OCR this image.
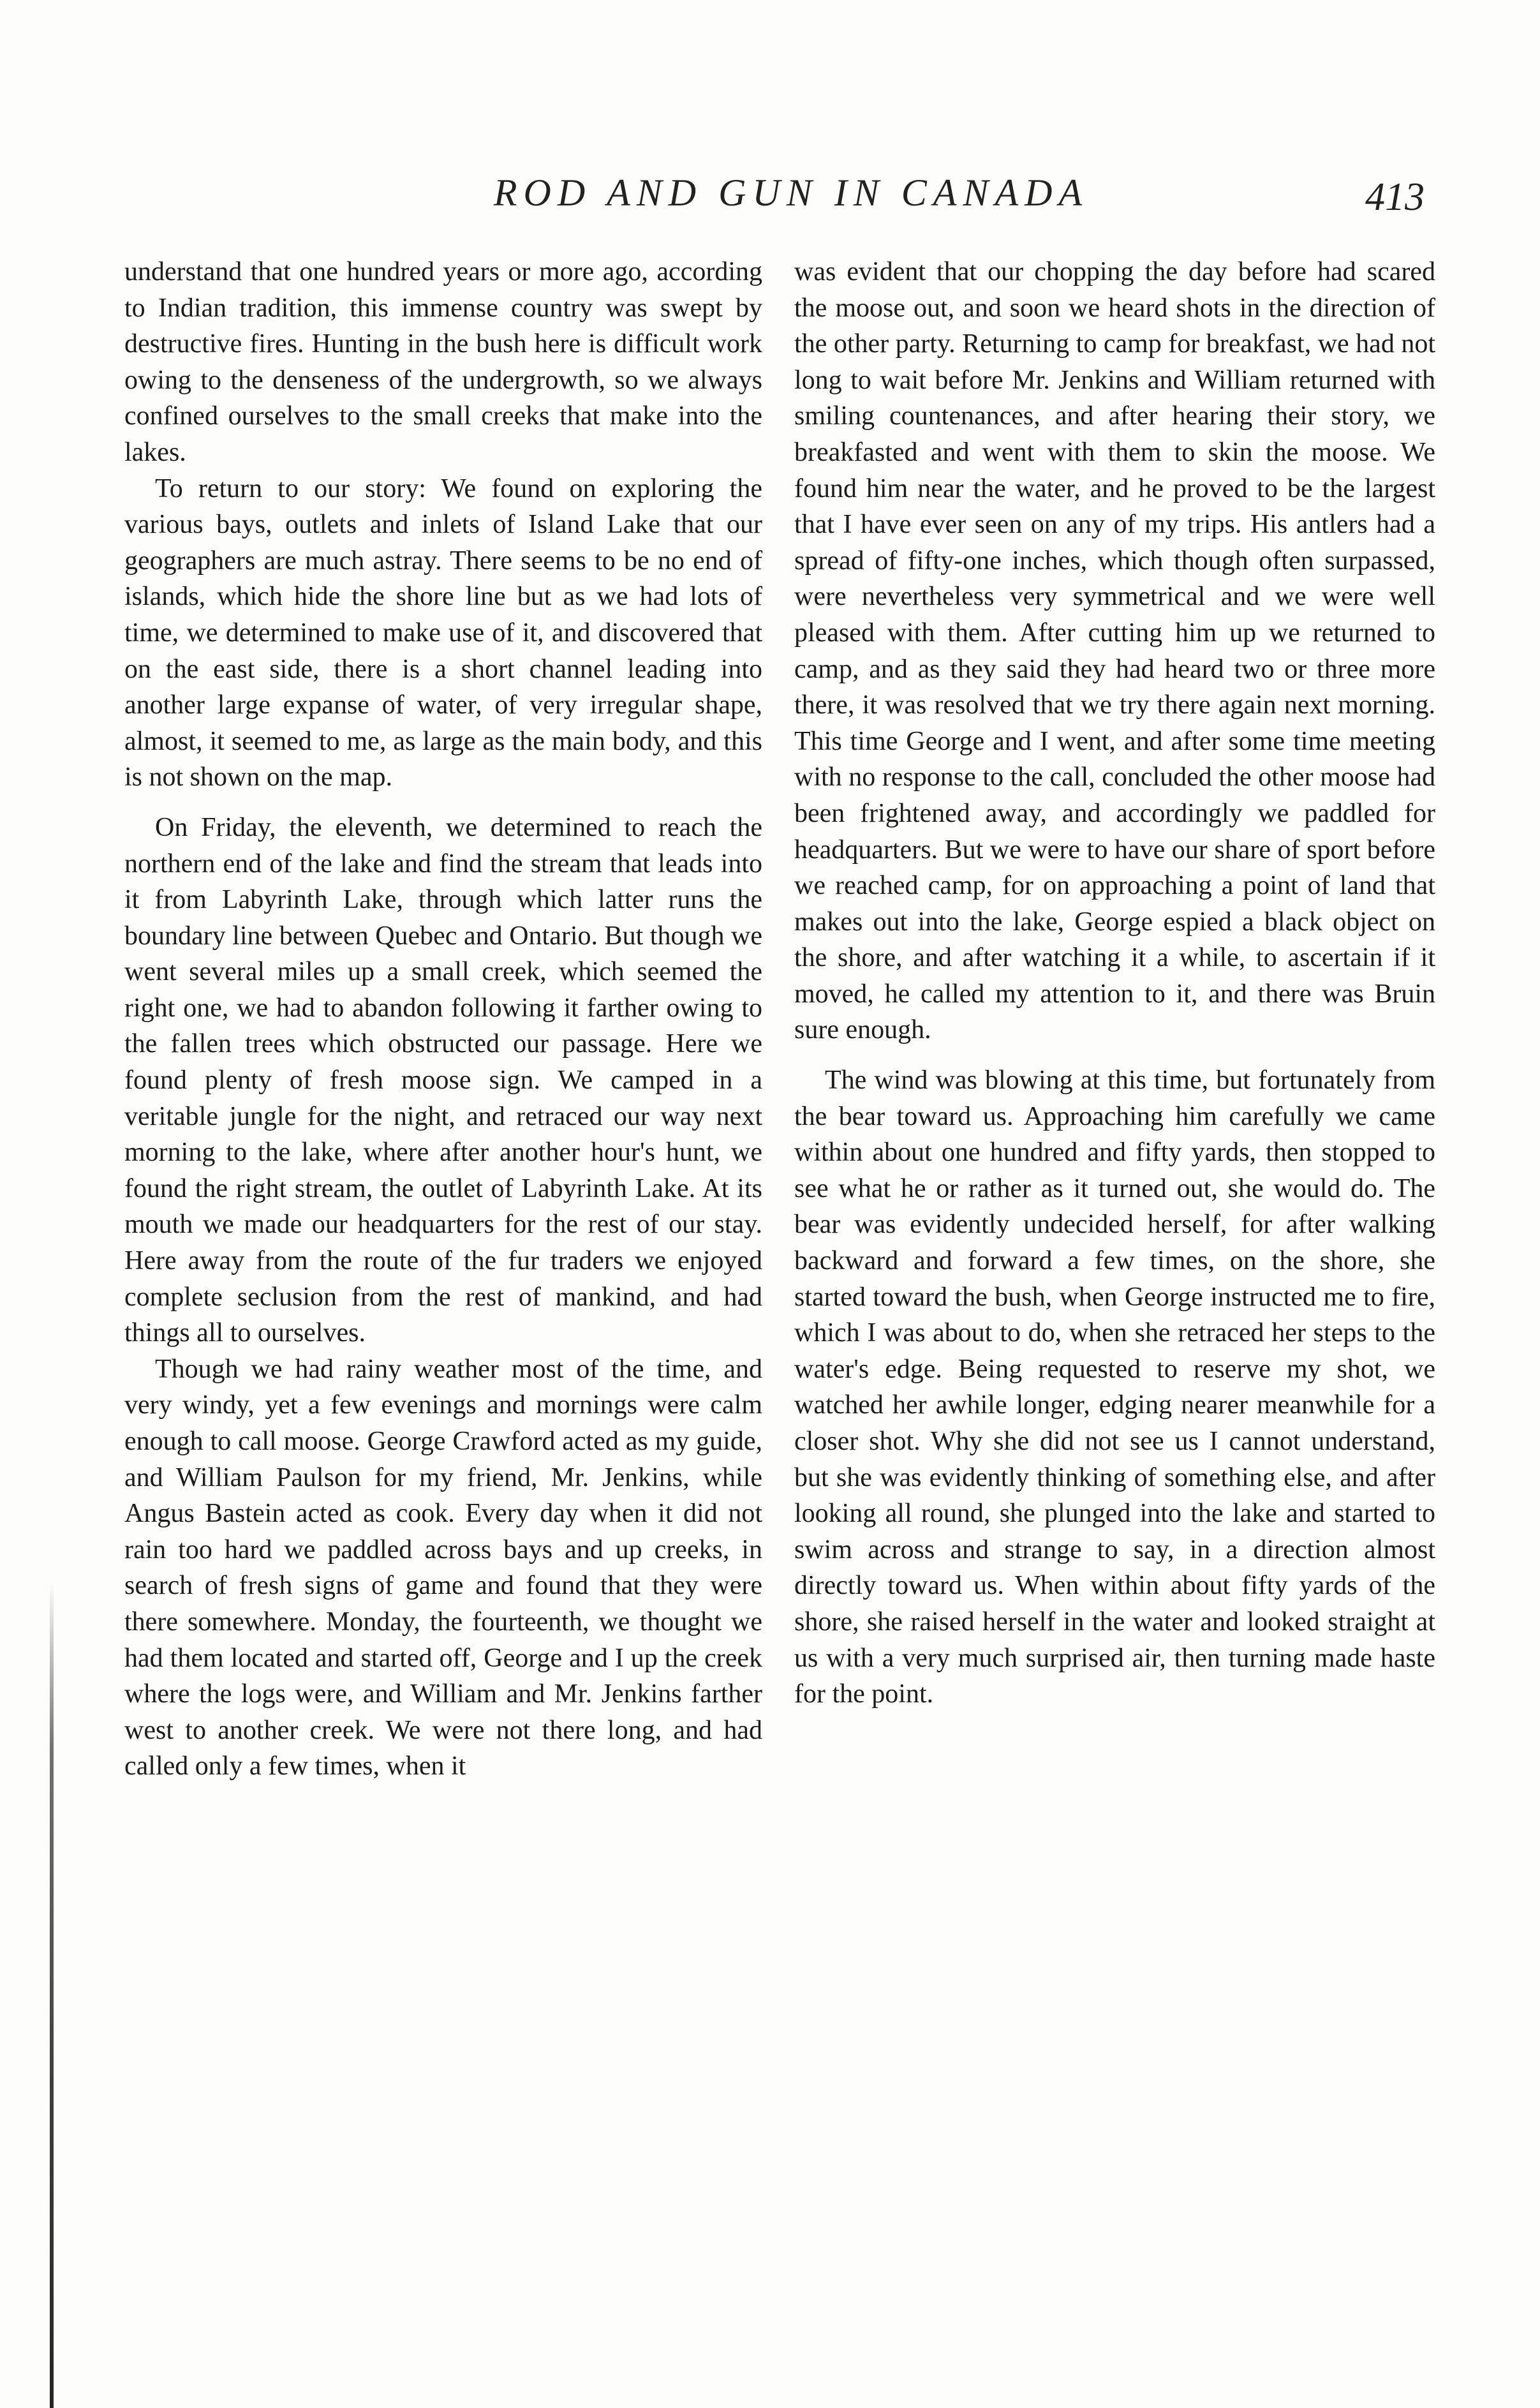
ROD AND GUN IN CANADA	413

understand that one hundred years or more ago, according to Indian tradition, this immense country was swept by destructive fires. Hunting in the bush here is difficult work owing to the denseness of the undergrowth, so we always confined ourselves to the small creeks that make into the lakes.

To return to our story: We found on exploring the various bays, outlets and inlets of Island Lake that our geographers are much astray. There seems to be no end of islands, which hide the shore line but as we had lots of time, we determined to make use of it, and discovered that on the east side, there is a short channel leading into another large expanse of water, of very irregular shape, almost, it seemed to me, as large as the main body, and this is not shown on the map.

On Friday, the eleventh, we determined to reach the northern end of the lake and find the stream that leads into it from Labyrinth Lake, through which latter runs the boundary line between Quebec and Ontario. But though we went several miles up a small creek, which seemed the right one, we had to abandon following it farther owing to the fallen trees which obstructed our passage. Here we found plenty of fresh moose sign. We camped in a veritable jungle for the night, and retraced our way next morning to the lake, where after another hour's hunt, we found the right stream, the outlet of Labyrinth Lake. At its mouth we made our headquarters for the rest of our stay. Here away from the route of the fur traders we enjoyed complete seclusion from the rest of mankind, and had things all to ourselves.

Though we had rainy weather most of the time, and very windy, yet a few evenings and mornings were calm enough to call moose. George Crawford acted as my guide, and William Paulson for my friend, Mr. Jenkins, while Angus Bastein acted as cook. Every day when it did not rain too hard we paddled across bays and up creeks, in search of fresh signs of game and found that they were there somewhere. Monday, the fourteenth, we thought we had them located and started off, George and I up the creek where the logs were, and William and Mr. Jenkins farther west to another creek. We were not there long, and had called only a few times, when it

was evident that our chopping the day before had scared the moose out, and soon we heard shots in the direction of the other party. Returning to camp for breakfast, we had not long to wait before Mr. Jenkins and William returned with smiling countenances, and after hearing their story, we breakfasted and went with them to skin the moose. We found him near the water, and he proved to be the largest that I have ever seen on any of my trips. His antlers had a spread of fifty-one inches, which though often surpassed, were nevertheless very symmetrical and we were well pleased with them. After cutting him up we returned to camp, and as they said they had heard two or three more there, it was resolved that we try there again next morning. This time George and I went, and after some time meeting with no response to the call, concluded the other moose had been frightened away, and accordingly we paddled for headquarters. But we were to have our share of sport before we reached camp, for on approaching a point of land that makes out into the lake, George espied a black object on the shore, and after watching it a while, to ascertain if it moved, he called my attention to it, and there was Bruin sure enough.

The wind was blowing at this time, but fortunately from the bear toward us. Approaching him carefully we came within about one hundred and fifty yards, then stopped to see what he or rather as it turned out, she would do. The bear was evidently undecided herself, for after walking backward and forward a few times, on the shore, she started toward the bush, when George instructed me to fire, which I was about to do, when she retraced her steps to the water's edge. Being requested to reserve my shot, we watched her awhile longer, edging nearer meanwhile for a closer shot. Why she did not see us I cannot understand, but she was evidently thinking of something else, and after looking all round, she plunged into the lake and started to swim across and strange to say, in a direction almost directly toward us. When within about fifty yards of the shore, she raised herself in the water and looked straight at us with a very much surprised air, then turning made haste for the point.
